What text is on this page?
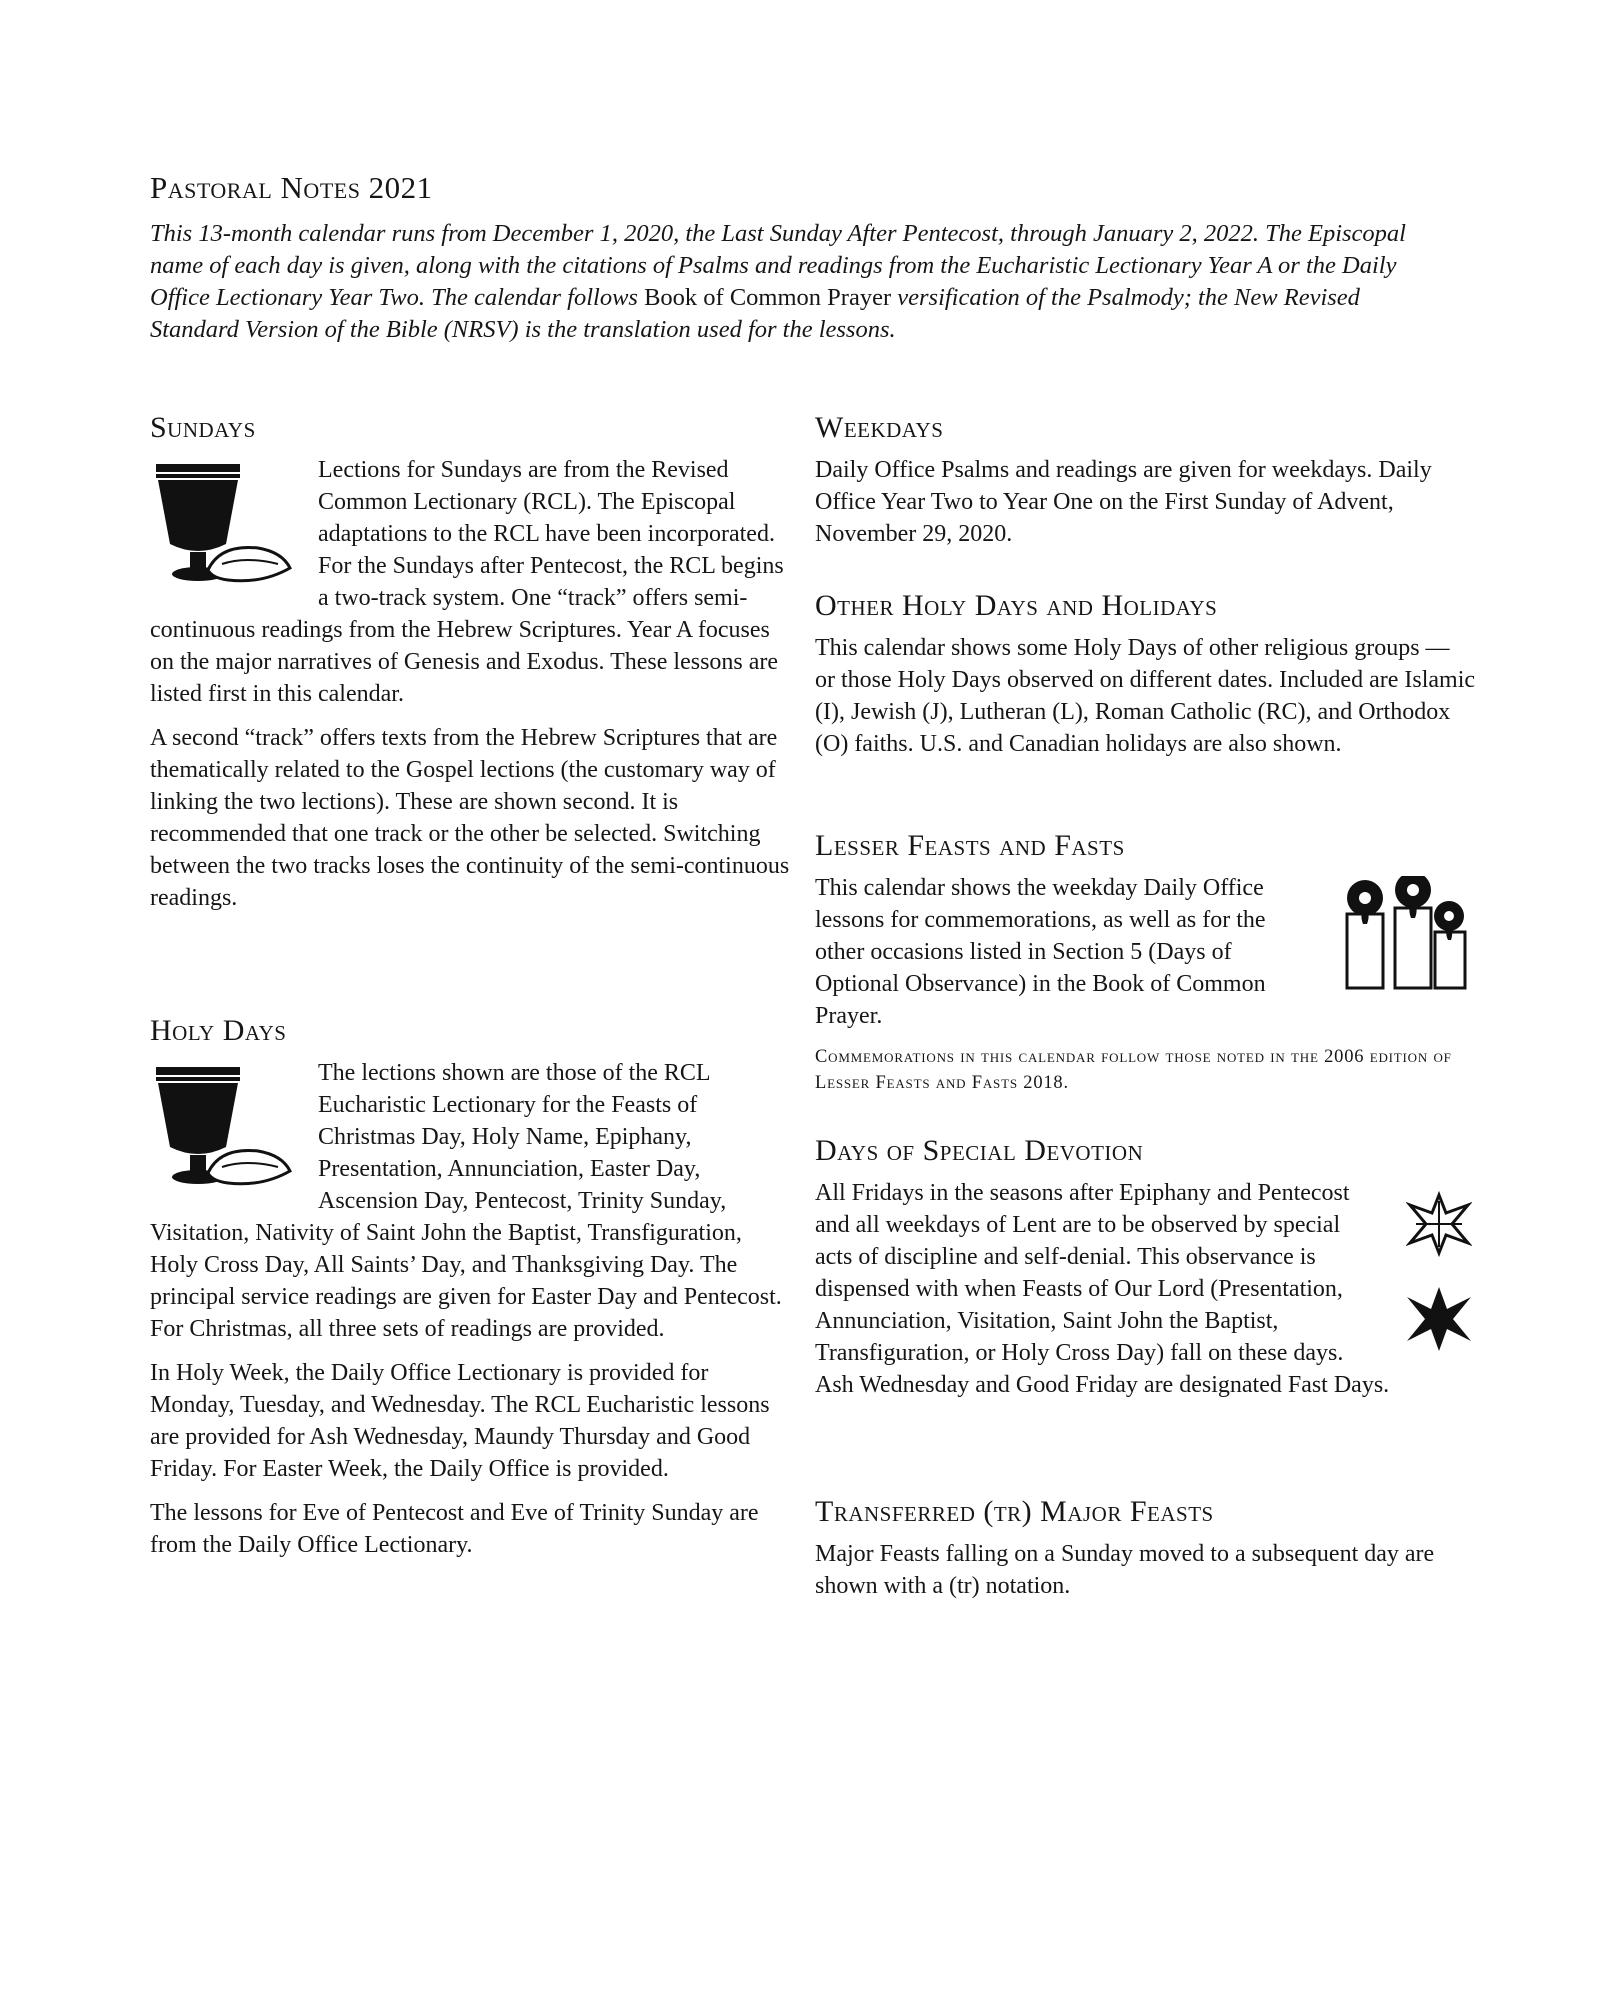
Pastoral Notes 2021

This 13-month calendar runs from December 1, 2020, the Last Sunday After Pentecost, through January 2, 2022. The Episcopal name of each day is given, along with the citations of Psalms and readings from the Eucharistic Lectionary Year A or the Daily Office Lectionary Year Two. The calendar follows Book of Common Prayer versification of the Psalmody; the New Revised Standard Version of the Bible (NRSV) is the translation used for the lessons.

Sundays

Lections for Sundays are from the Revised Common Lectionary (RCL). The Episcopal adaptations to the RCL have been incorporated. For the Sundays after Pentecost, the RCL begins a two-track system. One “track” offers semi-continuous readings from the Hebrew Scriptures. Year A focuses on the major narratives of Genesis and Exodus. These lessons are listed first in this calendar.

A second “track” offers texts from the Hebrew Scriptures that are thematically related to the Gospel lections (the customary way of linking the two lections). These are shown second. It is recommended that one track or the other be selected. Switching between the two tracks loses the continuity of the semi-continuous readings.

Holy Days

The lections shown are those of the RCL Eucharistic Lectionary for the Feasts of Christmas Day, Holy Name, Epiphany, Presentation, Annunciation, Easter Day, Ascension Day, Pentecost, Trinity Sunday, Visitation, Nativity of Saint John the Baptist, Transfiguration, Holy Cross Day, All Saints’ Day, and Thanksgiving Day. The principal service readings are given for Easter Day and Pentecost. For Christmas, all three sets of readings are provided.

In Holy Week, the Daily Office Lectionary is provided for Monday, Tuesday, and Wednesday. The RCL Eucharistic lessons are provided for Ash Wednesday, Maundy Thursday and Good Friday. For Easter Week, the Daily Office is provided.

The lessons for Eve of Pentecost and Eve of Trinity Sunday are from the Daily Office Lectionary.

Weekdays

Daily Office Psalms and readings are given for weekdays. Daily Office Year Two to Year One on the First Sunday of Advent, November 29, 2020.

Other Holy Days and Holidays

This calendar shows some Holy Days of other religious groups — or those Holy Days observed on different dates. Included are Islamic (I), Jewish (J), Lutheran (L), Roman Catholic (RC), and Orthodox (O) faiths. U.S. and Canadian holidays are also shown.

Lesser Feasts and Fasts

This calendar shows the weekday Daily Office lessons for commemorations, as well as for the other occasions listed in Section 5 (Days of Optional Observance) in the Book of Common Prayer.

Commemorations in this calendar follow those noted in the 2006 edition of Lesser Feasts and Fasts 2018.

Days of Special Devotion

All Fridays in the seasons after Epiphany and Pentecost and all weekdays of Lent are to be observed by special acts of discipline and self-denial. This observance is dispensed with when Feasts of Our Lord (Presentation, Annunciation, Visitation, Saint John the Baptist, Transfiguration, or Holy Cross Day) fall on these days. Ash Wednesday and Good Friday are designated Fast Days.

Transferred (tr) Major Feasts

Major Feasts falling on a Sunday moved to a subsequent day are shown with a (tr) notation.
